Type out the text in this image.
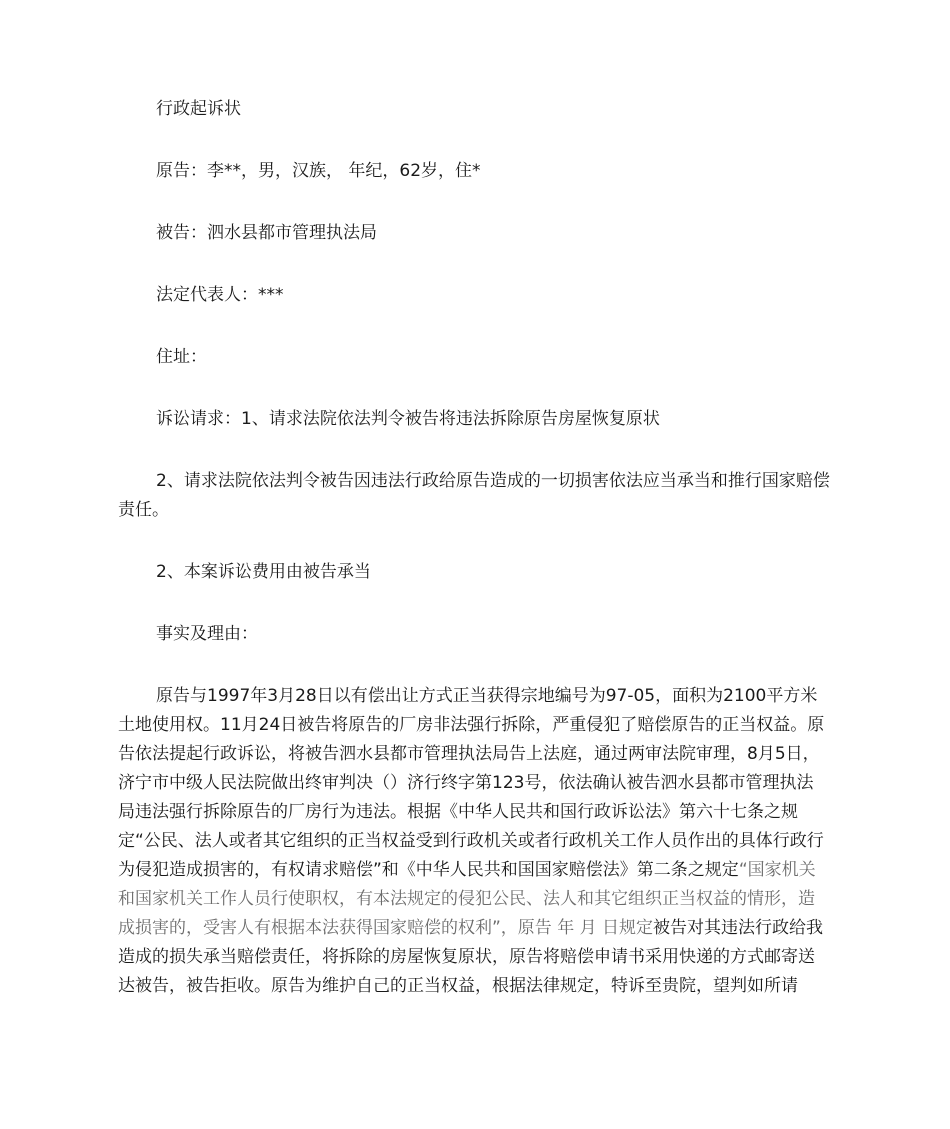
行政起诉状

原告：李**，男，汉族， 年纪，62岁，住*

被告：泗水县都市管理执法局

法定代表人：***

住址：

诉讼请求：1、请求法院依法判令被告将违法拆除原告房屋恢复原状

2、请求法院依法判令被告因违法行政给原告造成的一切损害依法应当承当和推行国家赔偿责任。

2、本案诉讼费用由被告承当

事实及理由：

原告与1997年3月28日以有偿出让方式正当获得宗地编号为97-05，面积为2100平方米土地使用权。11月24日被告将原告的厂房非法强行拆除，严重侵犯了赔偿原告的正当权益。原告依法提起行政诉讼，将被告泗水县都市管理执法局告上法庭，通过两审法院审理，8月5日，济宁市中级人民法院做出终审判决（）济行终字第123号，依法确认被告泗水县都市管理执法局违法强行拆除原告的厂房行为违法。根据《中华人民共和国行政诉讼法》第六十七条之规定“公民、法人或者其它组织的正当权益受到行政机关或者行政机关工作人员作出的具体行政行为侵犯造成损害的，有权请求赔偿”和《中华人民共和国国家赔偿法》第二条之规定“国家机关和国家机关工作人员行使职权，有本法规定的侵犯公民、法人和其它组织正当权益的情形，造成损害的，受害人有根据本法获得国家赔偿的权利”，原告 年 月 日规定被告对其违法行政给我造成的损失承当赔偿责任，将拆除的房屋恢复原状，原告将赔偿申请书采用快递的方式邮寄送达被告，被告拒收。原告为维护自己的正当权益，根据法律规定，特诉至贵院，望判如所请
